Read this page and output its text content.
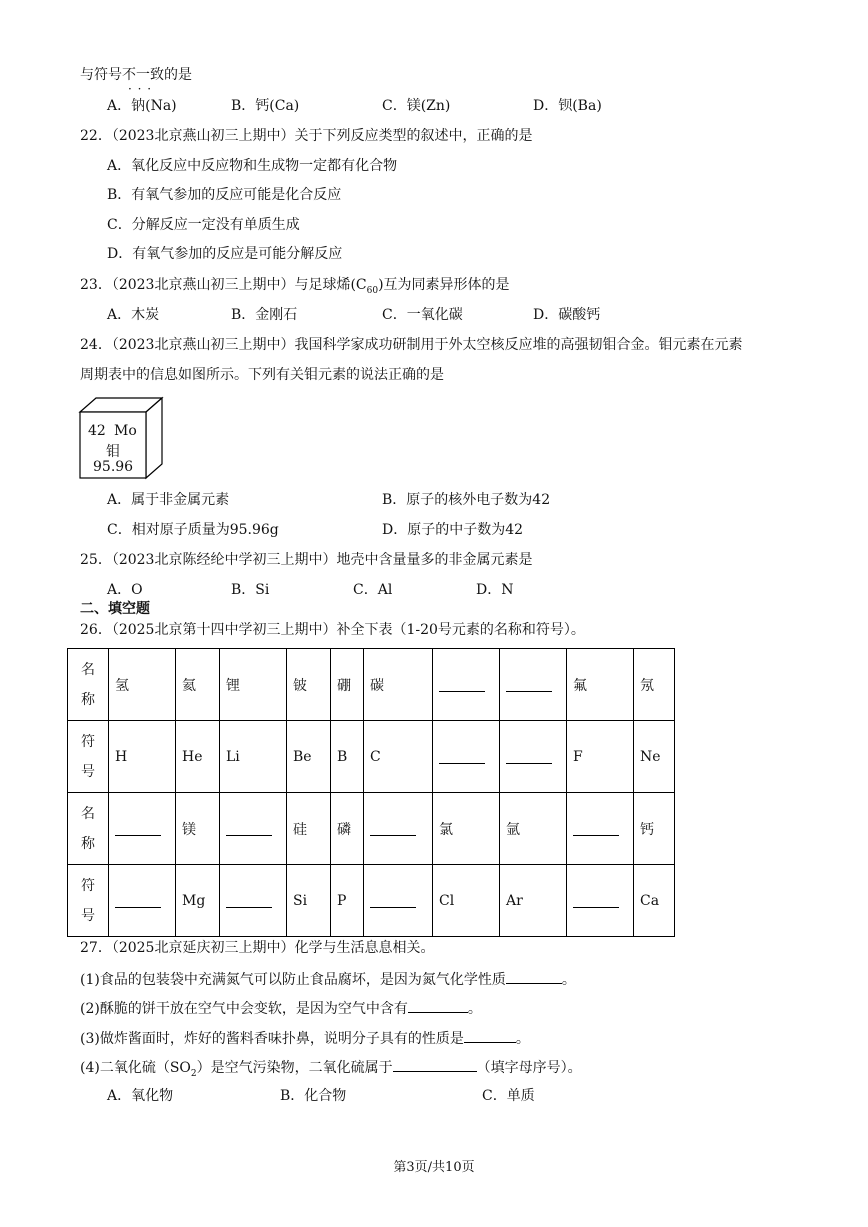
与符号不一致 · · ·的是
A．钠(Na)	B．钙(Ca)	C．镁(Zn)	D．钡(Ba)
22．（2023北京燕山初三上期中）关于下列反应类型的叙述中，正确的是
A．氧化反应中反应物和生成物一定都有化合物
B．有氧气参加的反应可能是化合反应
C．分解反应一定没有单质生成
D．有氧气参加的反应是可能分解反应
23．（2023北京燕山初三上期中）与足球烯$(C_{60})$互为同素异形体的是
A．木炭	B．金刚石	C．一氧化碳	D．碳酸钙
24．（2023北京燕山初三上期中）我国科学家成功研制用于外太空核反应堆的高强韧钼合金。钼元素在元素
周期表中的信息如图所示。下列有关钼元素的说法正确的是
42 Mo
钼
95.96
A．属于非金属元素	B．原子的核外电子数为42
C．相对原子质量为95.96g	D．原子的中子数为42
25．（2023北京陈经纶中学初三上期中）地壳中含量量多的非金属元素是
A．O	B．Si	C．Al	D．N
二、填空题
26．（2025北京第十四中学初三上期中）补全下表（1-20号元素的名称和符号）。
名
称	氢	氦	锂	铍	硼	碳			氟	氖

符
号	H	He	Li	Be	B	C			F	Ne

名
称		镁		硅	磷		氯	氩		钙

符
号		Mg		Si	P		Cl	Ar		Ca
27．（2025北京延庆初三上期中）化学与生活息息相关。
(1)食品的包装袋中充满氮气可以防止食品腐坏，是因为氮气化学性质	。
(2)酥脆的饼干放在空气中会变软，是因为空气中含有	。
(3)做炸酱面时，炸好的酱料香味扑鼻，说明分子具有的性质是	。
(4)二氧化硫$(SO_2)$是空气污染物，二氧化硫属于	（填字母序号）。
A．氧化物	B．化合物	C．单质
第3页/共10页
